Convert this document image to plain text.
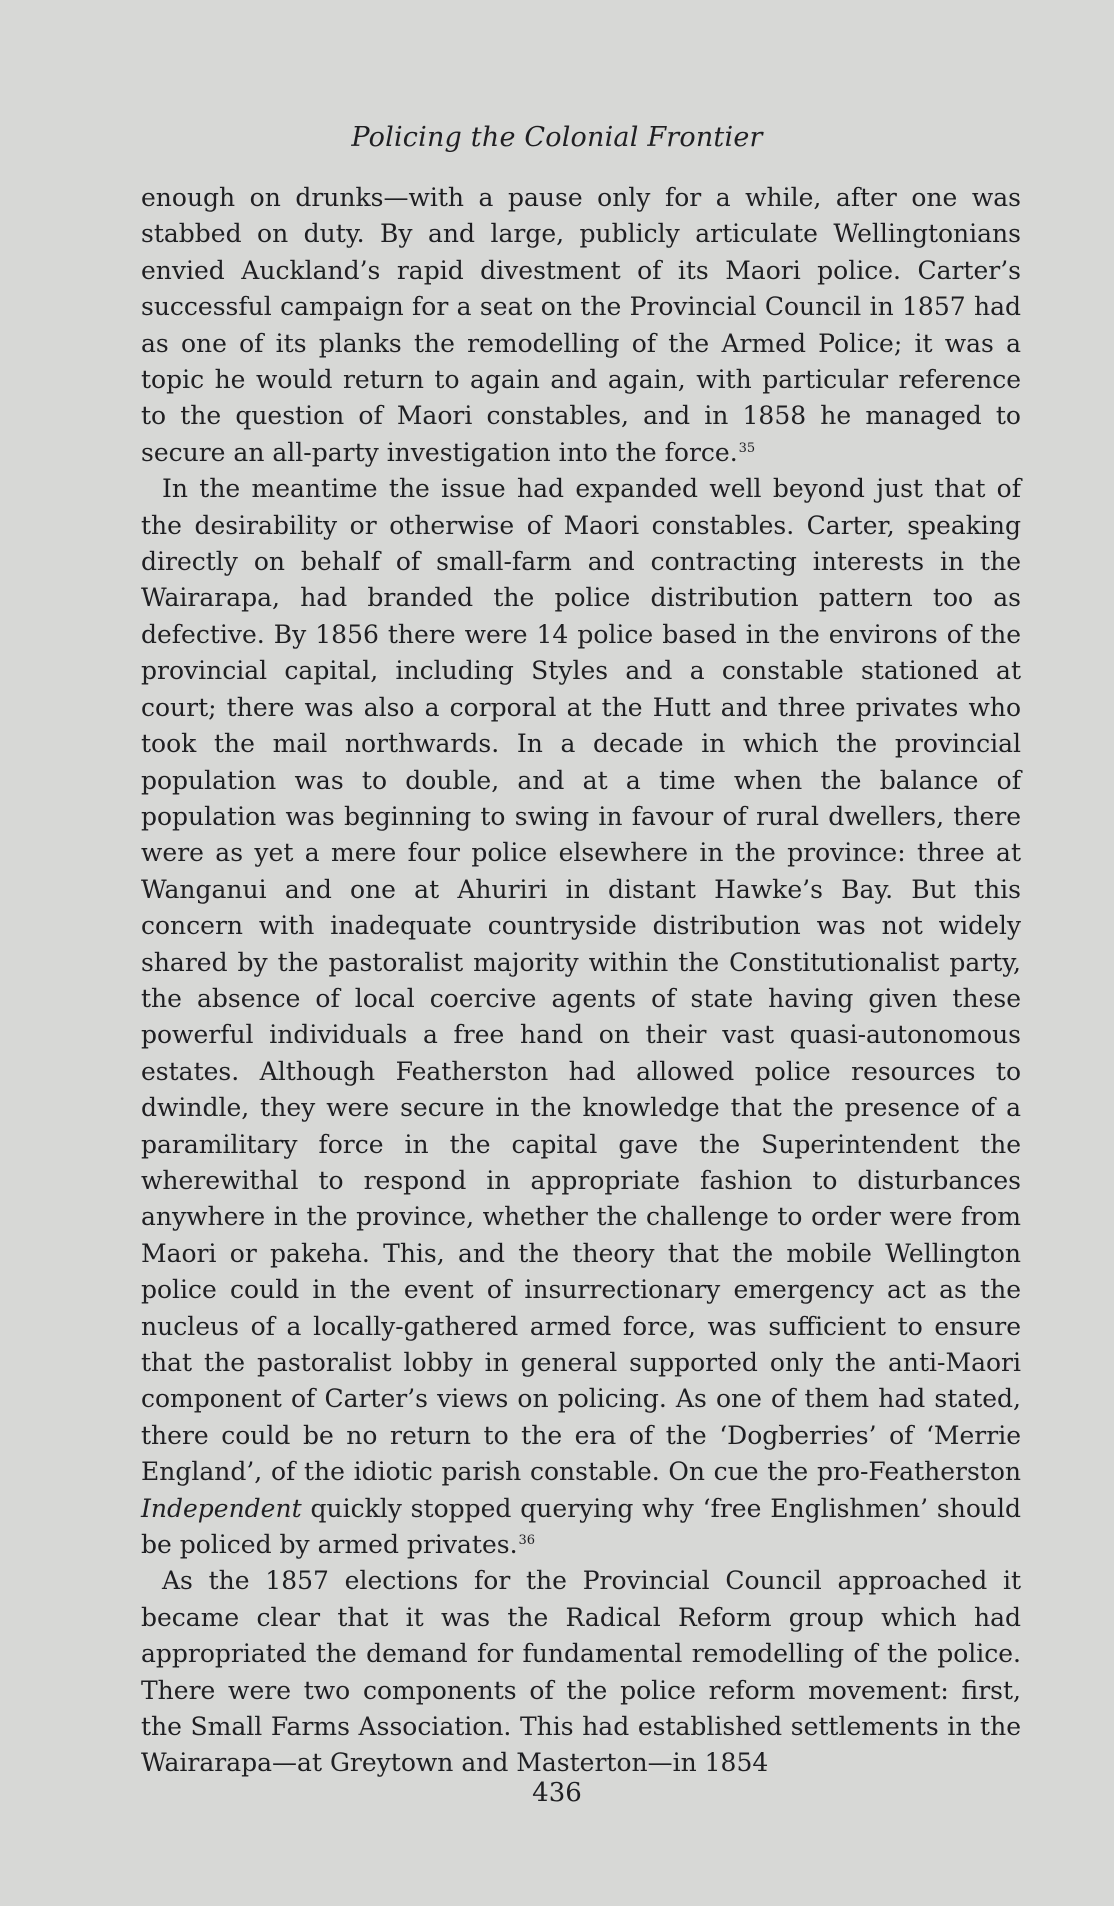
Policing the Colonial Frontier

enough on drunks—with a pause only for a while, after one was stabbed on duty. By and large, publicly articulate Wellingtonians envied Auckland’s rapid divestment of its Maori police. Carter’s successful campaign for a seat on the Provincial Council in 1857 had as one of its planks the remodelling of the Armed Police; it was a topic he would return to again and again, with particular reference to the question of Maori constables, and in 1858 he managed to secure an all-party investigation into the force.$^{35}$

In the meantime the issue had expanded well beyond just that of the desirability or otherwise of Maori constables. Carter, speaking directly on behalf of small-farm and contracting interests in the Wairarapa, had branded the police distribution pattern too as defective. By 1856 there were 14 police based in the environs of the provincial capital, including Styles and a constable stationed at court; there was also a corporal at the Hutt and three privates who took the mail northwards. In a decade in which the provincial population was to double, and at a time when the balance of population was beginning to swing in favour of rural dwellers, there were as yet a mere four police elsewhere in the province: three at Wanganui and one at Ahuriri in distant Hawke’s Bay. But this concern with inadequate countryside distribution was not widely shared by the pastoralist majority within the Constitutionalist party, the absence of local coercive agents of state having given these powerful individuals a free hand on their vast quasi-autonomous estates. Although Featherston had allowed police resources to dwindle, they were secure in the knowledge that the presence of a paramilitary force in the capital gave the Superintendent the wherewithal to respond in appropriate fashion to disturbances anywhere in the province, whether the challenge to order were from Maori or pakeha. This, and the theory that the mobile Wellington police could in the event of insurrectionary emergency act as the nucleus of a locally-gathered armed force, was sufficient to ensure that the pastoralist lobby in general supported only the anti-Maori component of Carter’s views on policing. As one of them had stated, there could be no return to the era of the ‘Dogberries’ of ‘Merrie England’, of the idiotic parish constable. On cue the pro-Featherston Independent quickly stopped querying why ‘free Englishmen’ should be policed by armed privates.$^{36}$

As the 1857 elections for the Provincial Council approached it became clear that it was the Radical Reform group which had appropriated the demand for fundamental remodelling of the police. There were two components of the police reform movement: first, the Small Farms Association. This had established settlements in the Wairarapa—at Greytown and Masterton—in 1854

436
